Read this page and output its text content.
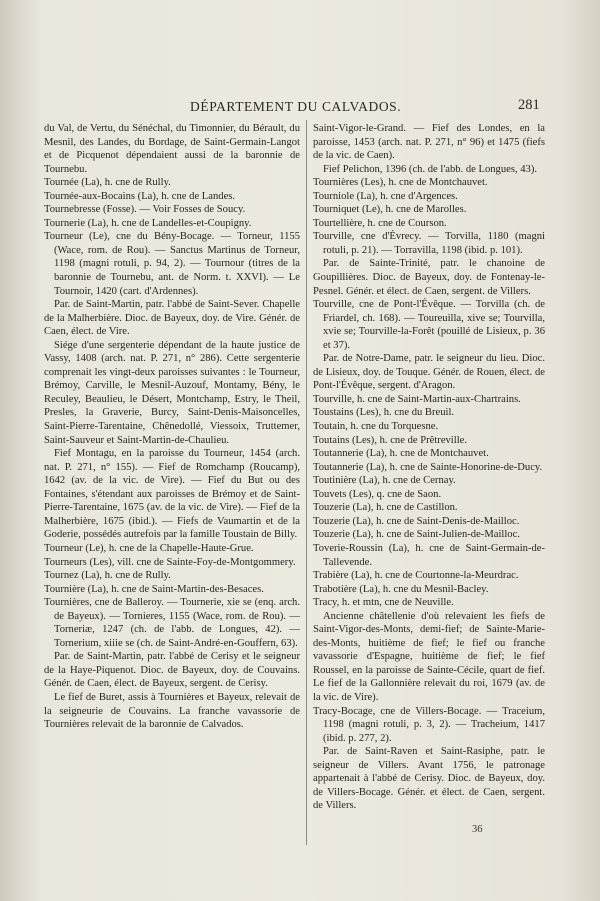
DÉPARTEMENT DU CALVADOS.	281

du Val, de Vertu, du Sénéchal, du Timonnier, du Bérault, du Mesnil, des Landes, du Bordage, de Saint-Germain-Langot et de Picquenot dépendaient aussi de la baronnie de Tournebu.

Tournée (La), h. cne de Rully.

Tournée-aux-Bocains (La), h. cne de Landes.

Tournebresse (Fosse). — Voir Fosses de Soucy.

Tournerie (La), h. cne de Landelles-et-Coupigny.

Tourneur (Le), cne du Bény-Bocage. — Torneur, 1155 (Wace, rom. de Rou). — Sanctus Martinus de Torneur, 1198 (magni rotuli, p. 94, 2). — Tournour (titres de la baronnie de Tournebu, ant. de Norm. t. XXVI). — Le Tournoir, 1420 (cart. d'Ardennes).

Par. de Saint-Martin, patr. l'abbé de Saint-Sever. Chapelle de la Malherbière. Dioc. de Bayeux, doy. de Vire. Génér. de Caen, élect. de Vire.

Siége d'une sergenterie dépendant de la haute justice de Vassy, 1408 (arch. nat. P. 271, n° 286). Cette sergenterie comprenait les vingt-deux paroisses suivantes : le Tourneur, Brémoy, Carville, le Mesnil-Auzouf, Montamy, Bény, le Reculey, Beaulieu, le Désert, Montchamp, Estry, le Theil, Presles, la Graverie, Burcy, Saint-Denis-Maisoncelles, Saint-Pierre-Tarentaine, Chênedollé, Viessoix, Truttemer, Saint-Sauveur et Saint-Martin-de-Chaulieu.

Fief Montagu, en la paroisse du Tourneur, 1454 (arch. nat. P. 271, n° 155). — Fief de Romchamp (Roucamp), 1642 (av. de la vic. de Vire). — Fief du But ou des Fontaines, s'étendant aux paroisses de Brémoy et de Saint-Pierre-Tarentaine, 1675 (av. de la vic. de Vire). — Fief de la Malherbière, 1675 (ibid.). — Fiefs de Vaumartin et de la Goderie, possédés autrefois par la famille Toustain de Billy.

Tourneur (Le), h. cne de la Chapelle-Haute-Grue.

Tourneurs (Les), vill. cne de Sainte-Foy-de-Montgommery.

Tournez (La), h. cne de Rully.

Tournière (La), h. cne de Saint-Martin-des-Besaces.

Tournières, cne de Balleroy. — Tournerie, xie se (enq. arch. de Bayeux). — Tornieres, 1155 (Wace, rom. de Rou). — Torneriæ, 1247 (ch. de l'abb. de Longues, 42). — Tornerium, xiiie se (ch. de Saint-André-en-Gouffern, 63).

Par. de Saint-Martin, patr. l'abbé de Cerisy et le seigneur de la Haye-Piquenot. Dioc. de Bayeux, doy. de Couvains. Génér. de Caen, élect. de Bayeux, sergent. de Cerisy.

Le fief de Buret, assis à Tournières et Bayeux, relevait de la seigneurie de Couvains. La franche vavassorie de Tournières relevait de la baronnie de Calvados.

Saint-Vigor-le-Grand. — Fief des Londes, en la paroisse, 1453 (arch. nat. P. 271, n° 96) et 1475 (fiefs de la vic. de Caen).

Fief Pelichon, 1396 (ch. de l'abb. de Longues, 43).

Tournières (Les), h. cne de Montchauvet.

Tourniole (La), h. cne d'Argences.

Tourniquet (Le), h. cne de Marolles.

Tourtellière, h. cne de Courson.

Tourville, cne d'Évrecy. — Torvilla, 1180 (magni rotuli, p. 21). — Torravilla, 1198 (ibid. p. 101).

Par. de Sainte-Trinité, patr. le chanoine de Goupillières. Dioc. de Bayeux, doy. de Fontenay-le-Pesnel. Génér. et élect. de Caen, sergent. de Villers.

Tourville, cne de Pont-l'Évêque. — Torvilla (ch. de Friardel, ch. 168). — Toureuilla, xive se; Tourvilla, xvie se; Tourville-la-Forêt (pouillé de Lisieux, p. 36 et 37).

Par. de Notre-Dame, patr. le seigneur du lieu. Dioc. de Lisieux, doy. de Touque. Génér. de Rouen, élect. de Pont-l'Évêque, sergent. d'Aragon.

Tourville, h. cne de Saint-Martin-aux-Chartrains.

Toustains (Les), h. cne du Breuil.

Toutain, h. cne du Torquesne.

Toutains (Les), h. cne de Prêtreville.

Toutannerie (La), h. cne de Montchauvet.

Toutannerie (La), h. cne de Sainte-Honorine-de-Ducy.

Toutinière (La), h. cne de Cernay.

Touvets (Les), q. cne de Saon.

Touzerie (La), h. cne de Castillon.

Touzerie (La), h. cne de Saint-Denis-de-Mailloc.

Touzerie (La), h. cne de Saint-Julien-de-Mailloc.

Toverie-Roussin (La), h. cne de Saint-Germain-de-Tallevende.

Trabière (La), h. cne de Courtonne-la-Meurdrac.

Trabotière (La), h. cne du Mesnil-Bacley.

Tracy, h. et mtn, cne de Neuville.

Ancienne châtellenie d'où relevaient les fiefs de Saint-Vigor-des-Monts, demi-fief; de Sainte-Marie-des-Monts, huitième de fief; le fief ou franche vavassorie d'Espagne, huitième de fief; le fief Roussel, en la paroisse de Sainte-Cécile, quart de fief. Le fief de la Gallonnière relevait du roi, 1679 (av. de la vic. de Vire).

Tracy-Bocage, cne de Villers-Bocage. — Traceium, 1198 (magni rotuli, p. 3, 2). — Tracheium, 1417 (ibid. p. 277, 2).

Par. de Saint-Raven et Saint-Rasiphe, patr. le seigneur de Villers. Avant 1756, le patronage appartenait à l'abbé de Cerisy. Dioc. de Bayeux, doy. de Villers-Bocage. Génér. et élect. de Caen, sergent. de Villers.

36
